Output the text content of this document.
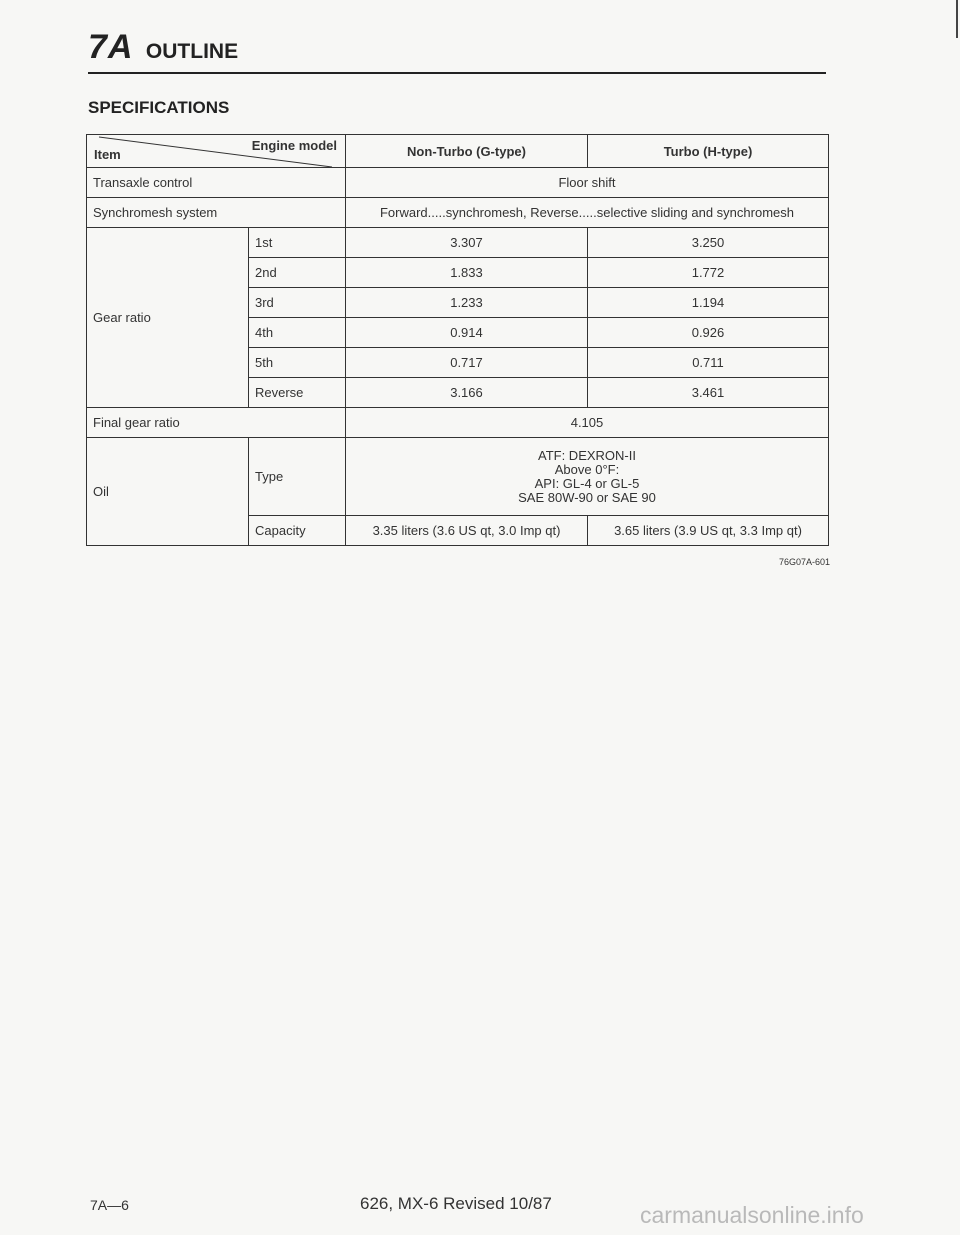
7A OUTLINE
SPECIFICATIONS
Item
Engine model		Non-Turbo (G-type)	Turbo (H-type)
Transaxle control		Floor shift	
Synchromesh system		Forward.....synchromesh, Reverse.....selective sliding and synchromesh	
Gear ratio	1st	3.307	3.250
	2nd	1.833	1.772
	3rd	1.233	1.194
	4th	0.914	0.926
	5th	0.717	0.711
	Reverse	3.166	3.461
Final gear ratio		4.105	
Oil	Type	ATF: DEXRON-II
Above 0°F:
API: GL-4 or GL-5
SAE 80W-90 or SAE 90	

	Capacity	3.35 liters (3.6 US qt, 3.0 Imp qt)	3.65 liters (3.9 US qt, 3.3 Imp qt)
76G07A-601
7A—6	626, MX-6 Revised 10/87	carmanualsonline.info
